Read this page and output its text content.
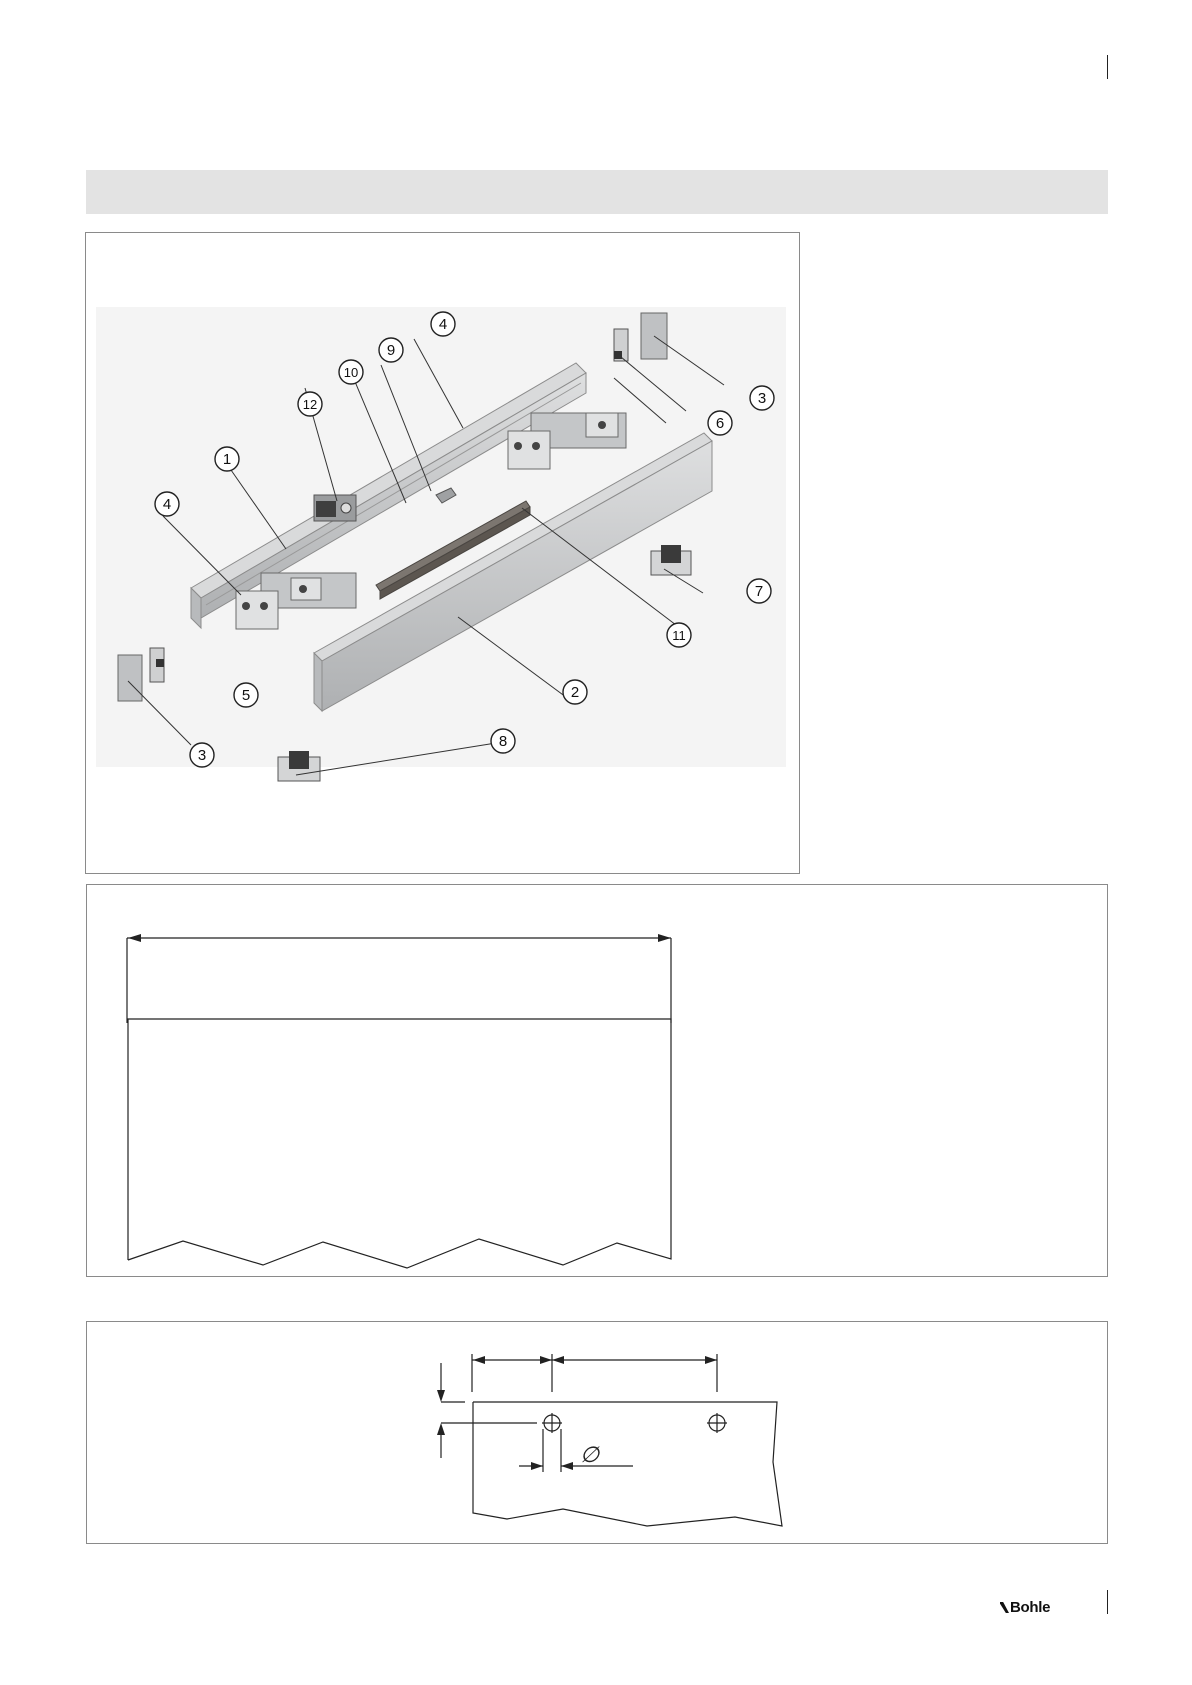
1
2
3
3
4
4
5
6
7
8
9
10
11
12
∅
Bohle
